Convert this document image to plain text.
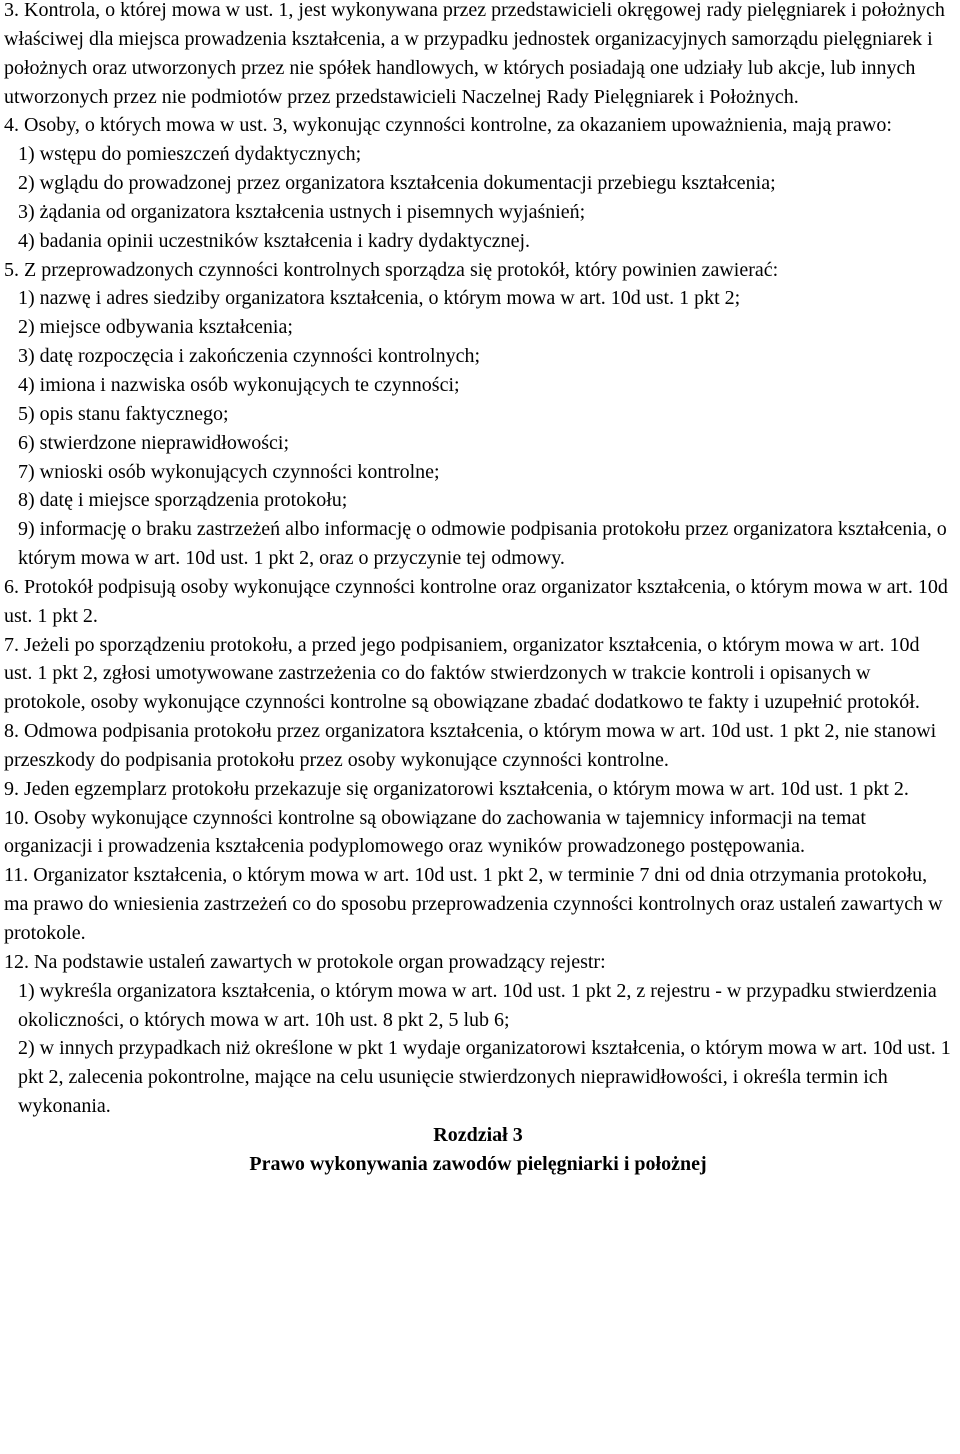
3. Kontrola, o której mowa w ust. 1, jest wykonywana przez przedstawicieli okręgowej rady pielęgniarek i położnych właściwej dla miejsca prowadzenia kształcenia, a w przypadku jednostek organizacyjnych samorządu pielęgniarek i położnych oraz utworzonych przez nie spółek handlowych, w których posiadają one udziały lub akcje, lub innych utworzonych przez nie podmiotów przez przedstawicieli Naczelnej Rady Pielęgniarek i Położnych.

4. Osoby, o których mowa w ust. 3, wykonując czynności kontrolne, za okazaniem upoważnienia, mają prawo:

1) wstępu do pomieszczeń dydaktycznych;

2) wglądu do prowadzonej przez organizatora kształcenia dokumentacji przebiegu kształcenia;

3) żądania od organizatora kształcenia ustnych i pisemnych wyjaśnień;

4) badania opinii uczestników kształcenia i kadry dydaktycznej.

5. Z przeprowadzonych czynności kontrolnych sporządza się protokół, który powinien zawierać:

1) nazwę i adres siedziby organizatora kształcenia, o którym mowa w art. 10d ust. 1 pkt 2;

2) miejsce odbywania kształcenia;

3) datę rozpoczęcia i zakończenia czynności kontrolnych;

4) imiona i nazwiska osób wykonujących te czynności;

5) opis stanu faktycznego;

6) stwierdzone nieprawidłowości;

7) wnioski osób wykonujących czynności kontrolne;

8) datę i miejsce sporządzenia protokołu;

9) informację o braku zastrzeżeń albo informację o odmowie podpisania protokołu przez organizatora kształcenia, o którym mowa w art. 10d ust. 1 pkt 2, oraz o przyczynie tej odmowy.

6. Protokół podpisują osoby wykonujące czynności kontrolne oraz organizator kształcenia, o którym mowa w art. 10d ust. 1 pkt 2.

7. Jeżeli po sporządzeniu protokołu, a przed jego podpisaniem, organizator kształcenia, o którym mowa w art. 10d ust. 1 pkt 2, zgłosi umotywowane zastrzeżenia co do faktów stwierdzonych w trakcie kontroli i opisanych w protokole, osoby wykonujące czynności kontrolne są obowiązane zbadać dodatkowo te fakty i uzupełnić protokół.

8. Odmowa podpisania protokołu przez organizatora kształcenia, o którym mowa w art. 10d ust. 1 pkt 2, nie stanowi przeszkody do podpisania protokołu przez osoby wykonujące czynności kontrolne.

9. Jeden egzemplarz protokołu przekazuje się organizatorowi kształcenia, o którym mowa w art. 10d ust. 1 pkt 2.

10. Osoby wykonujące czynności kontrolne są obowiązane do zachowania w tajemnicy informacji na temat organizacji i prowadzenia kształcenia podyplomowego oraz wyników prowadzonego postępowania.

11. Organizator kształcenia, o którym mowa w art. 10d ust. 1 pkt 2, w terminie 7 dni od dnia otrzymania protokołu, ma prawo do wniesienia zastrzeżeń co do sposobu przeprowadzenia czynności kontrolnych oraz ustaleń zawartych w protokole.

12. Na podstawie ustaleń zawartych w protokole organ prowadzący rejestr:

1) wykreśla organizatora kształcenia, o którym mowa w art. 10d ust. 1 pkt 2, z rejestru - w przypadku stwierdzenia okoliczności, o których mowa w art. 10h ust. 8 pkt 2, 5 lub 6;

2) w innych przypadkach niż określone w pkt 1 wydaje organizatorowi kształcenia, o którym mowa w art. 10d ust. 1 pkt 2, zalecenia pokontrolne, mające na celu usunięcie stwierdzonych nieprawidłowości, i określa termin ich wykonania.

Rozdział 3

Prawo wykonywania zawodów pielęgniarki i położnej
